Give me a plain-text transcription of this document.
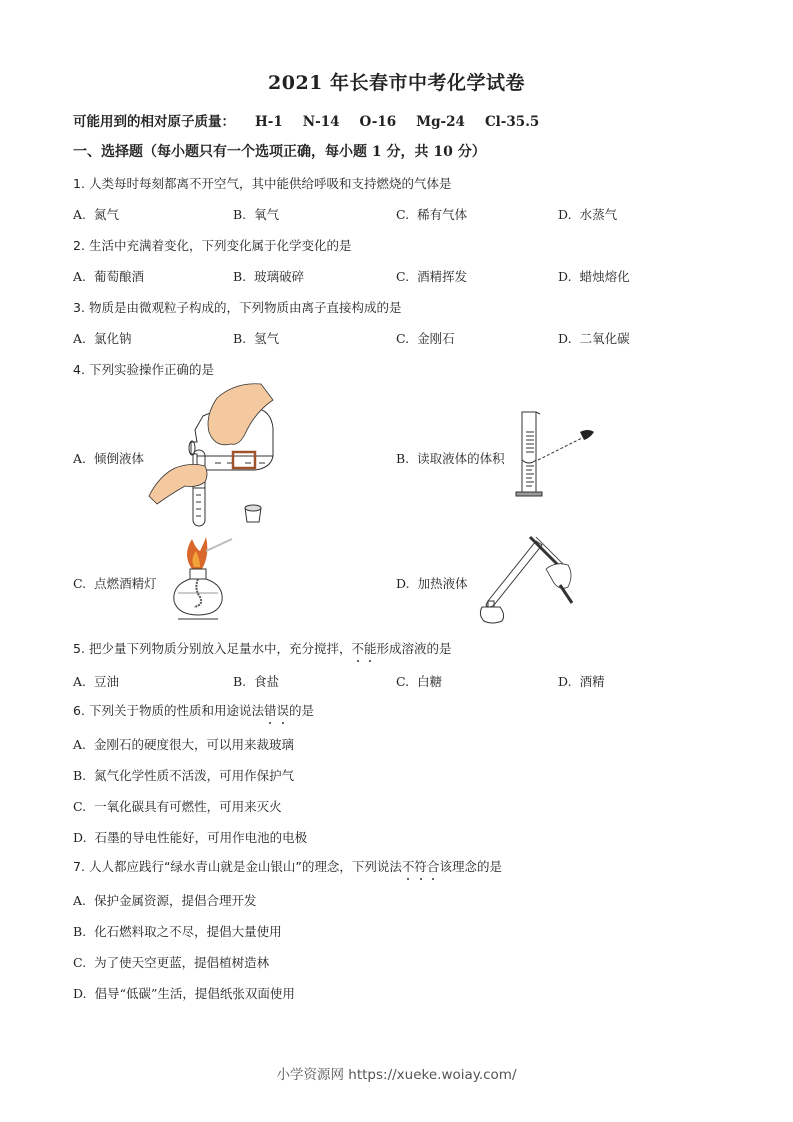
2021 年长春市中考化学试卷
可能用到的相对原子质量： H-1 N-14 O-16 Mg-24 Cl-35.5
一、选择题（每小题只有一个选项正确，每小题 1 分，共 10 分）
1. 人类每时每刻都离不开空气，其中能供给呼吸和支持燃烧的气体是
A. 氮气	B. 氧气	C. 稀有气体	D. 水蒸气
2. 生活中充满着变化，下列变化属于化学变化的是
A. 葡萄酿酒	B. 玻璃破碎	C. 酒精挥发	D. 蜡烛熔化
3. 物质是由微观粒子构成的，下列物质由离子直接构成的是
A. 氯化钠	B. 氢气	C. 金刚石	D. 二氧化碳
4. 下列实验操作正确的是
A. 倾倒液体	B. 读取液体的体积
C. 点燃酒精灯	D. 加热液体
5. 把少量下列物质分别放入足量水中，充分搅拌，不能形成溶液的是
A. 豆油	B. 食盐	C. 白糖	D. 酒精
6. 下列关于物质的性质和用途说法错误的是
A. 金刚石的硬度很大，可以用来裁玻璃
B. 氮气化学性质不活泼，可用作保护气
C. 一氧化碳具有可燃性，可用来灭火
D. 石墨的导电性能好，可用作电池的电极
7. 人人都应践行“绿水青山就是金山银山”的理念，下列说法不符合该理念的是
A. 保护金属资源，提倡合理开发
B. 化石燃料取之不尽，提倡大量使用
C. 为了使天空更蓝，提倡植树造林
D. 倡导“低碳”生活，提倡纸张双面使用
小学资源网 https://xueke.woiay.com/
